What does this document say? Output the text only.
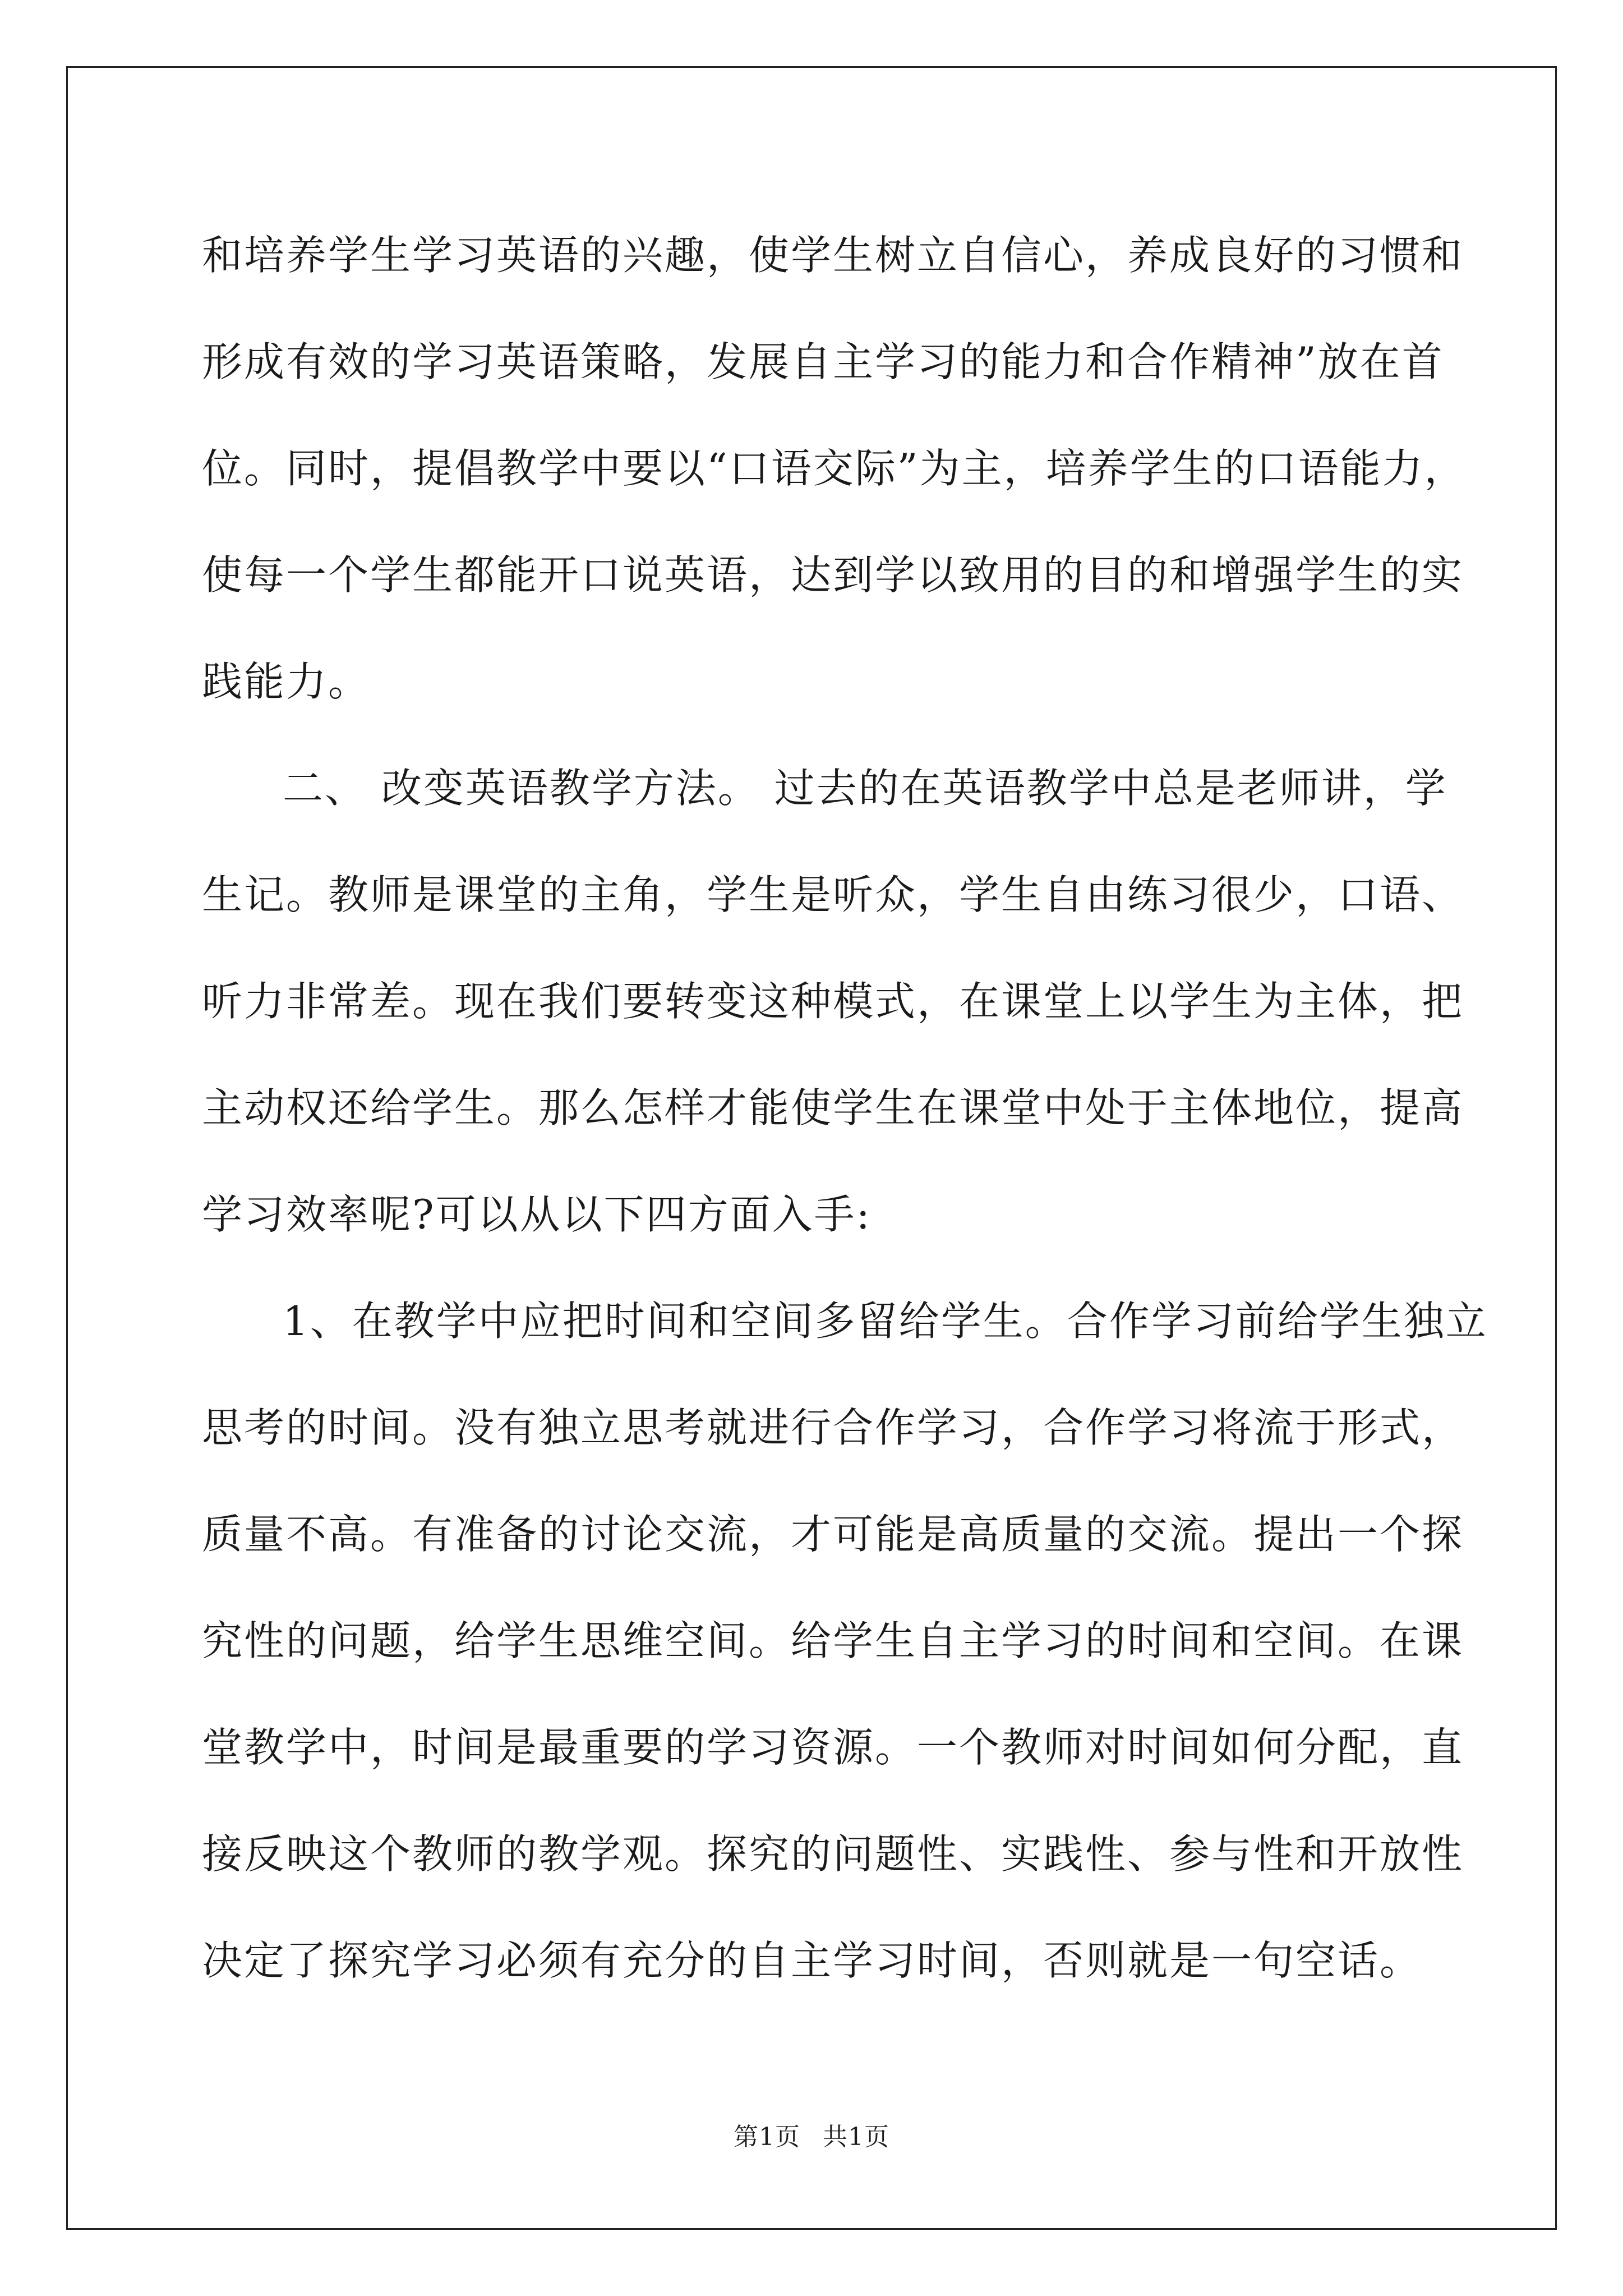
和培养学生学习英语的兴趣，使学生树立自信心，养成良好的习惯和

形成有效的学习英语策略，发展自主学习的能力和合作精神”放在首

位。同时，提倡教学中要以“口语交际”为主，培养学生的口语能力，

使每一个学生都能开口说英语，达到学以致用的目的和增强学生的实

践能力。

二、 改变英语教学方法。 过去的在英语教学中总是老师讲，学

生记。教师是课堂的主角，学生是听众，学生自由练习很少，口语、

听力非常差。现在我们要转变这种模式，在课堂上以学生为主体，把

主动权还给学生。那么怎样才能使学生在课堂中处于主体地位，提高

学习效率呢?可以从以下四方面入手:

1、在教学中应把时间和空间多留给学生。合作学习前给学生独立

思考的时间。没有独立思考就进行合作学习，合作学习将流于形式，

质量不高。有准备的讨论交流，才可能是高质量的交流。提出一个探

究性的问题，给学生思维空间。给学生自主学习的时间和空间。在课

堂教学中，时间是最重要的学习资源。一个教师对时间如何分配，直

接反映这个教师的教学观。探究的问题性、实践性、参与性和开放性

决定了探究学习必须有充分的自主学习时间，否则就是一句空话。

第1页 共1页
